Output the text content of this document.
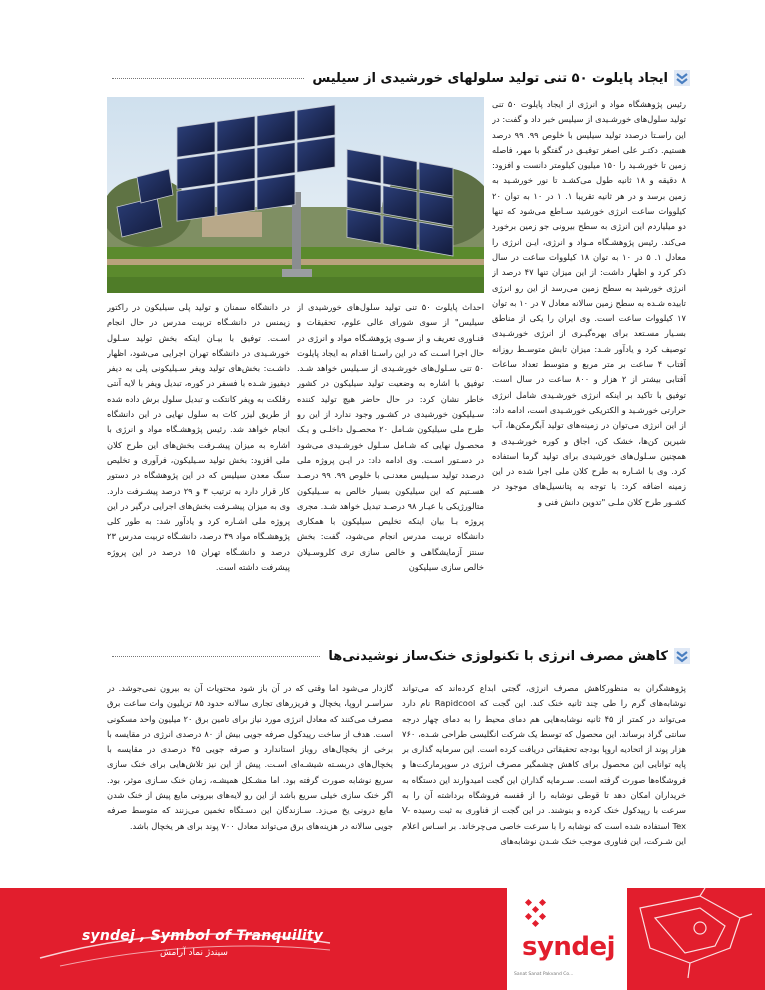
ایجاد پایلوت ۵۰ تنی تولید سلولهای خورشیدی از سیلیس

رئیس پژوهشگاه مواد و انرژی از ایجاد پایلوت ۵۰ تنی تولید سلول‌های خورشـیدی از سیلیس خبر داد و گفت: در این راسـتا درصدد تولید سیلیس با خلوص ۹۹. ۹۹ درصد هستیم. دکتـر علی اصغر توفیـق در گفتگو با مهر، فاصله زمین تا خورشـید را ۱۵۰ میلیون کیلومتر دانست و افزود: ۸ دقیقه و ۱۸ ثانیه طول می‌کشـد تا نور خورشـید به زمین برسد و در هر ثانیه تقریبا ۱. ۱ در ۱۰ به توان ۲۰ کیلووات ساعت انرژی خورشید سـاطع می‌شود که تنها دو میلیاردم این انرژی به سطح بیرونی جو زمین برخورد می‌کند. رئیس پژوهشـگاه مـواد و انرژی، ایـن انرژی را معادل ۱. ۵ در ۱۰ به توان ۱۸ کیلووات ساعت در سال ذکر کرد و اظهار داشت: از این میزان تنها ۴۷ درصد از انرژی خورشید به سطح زمین می‌رسد از این رو انرژی تابیده شـده به سطح زمین سالانه معادل ۷ در ۱۰ به توان ۱۷ کیلووات ساعت است. وی ایران را یکی از مناطق بسـیار مسـتعد برای بهره‌گیـری از انرژی خورشـیدی توصیف کرد و یادآور شـد: میزان تابش متوسـط روزانه آفتاب ۴ ساعت بر متر مربع و متوسط تعداد ساعات آفتابی بیشتر از ۲ هزار و ۸۰۰ ساعت در سال است. توفیق با تاکید بر اینکه انرژی خورشـیدی شامل انرژی حرارتی خورشـید و الکتریکی خورشـیدی است، ادامه داد: از این انرژی می‌توان در زمینه‌های تولید آبگرمکن‌ها، آب شیرین کن‌ها، خشک کن، اجاق و کوره خورشـیدی و همچنین سـلول‌های خورشیدی برای تولید گرما استفاده کرد. وی با اشـاره به طرح کلان ملی اجرا شده در این زمینه اضافه کرد: با توجه به پتانسیل‌های موجود در کشـور طرح کلان ملـی "تدوین دانش فنی و

احداث پایلوت ۵۰ تنی تولید سلول‌های خورشیدی از سیلیس" از سوی شورای عالی علوم، تحقیقات و فنـاوری تعریف و از سـوی پژوهشـگاه مواد و انرژی در حال اجرا اسـت که در این راسـتا اقدام به ایجاد پایلوت ۵۰ تنی سـلول‌های خورشـیدی از سـیلیس خواهد شـد. توفیق با اشاره به وضعیت تولید سیلیکون در کشور خاطر نشان کرد: در حال حاضر هیچ تولید کننده سـیلیکون خورشیدی در کشـور وجود ندارد از این رو طرح ملی سیلیکون شـامل ۲۰ محصـول داخلـی و یـک محصـول نهایی که شـامل سـلول خورشـیدی می‌شود در دسـتور اسـت. وی ادامه داد: در ایـن پروژه ملی درصدد تولید سـیلیس معدنـی با خلوص ۹۹. ۹۹ درصـد هسـتیم که این سیلیکون بسیار خالص به سـیلیکون متالورژیکی با عیـار ۹۸ درصـد تبدیل خواهد شـد. مجری پروژه بـا بیان اینکه تخلیص سیلیکون با همکاری دانشگاه تربیت مدرس انجام می‌شود، گفت: بخش سنتز آزمایشگاهی و خالص سازی تری کلروسـیلان خالص سازی سیلیکون

در دانشگاه سمنان و تولید پلی سیلیکون در راکتور زیمنس در دانشـگاه تربیت مدرس در حال انجام اسـت. توفیق با بیـان اینکه بخش تولید سـلول خورشـیدی در دانشگاه تهران اجرایی می‌شود، اظهار داشـت: بخش‌های تولید ویفر سـیلیکونی پلی به دیفر دیفیوز شـده با فسفر در کوره، تبدیل ویفر با لایه آنتی رفلکت به ویفر کانتکت و تبدیل سلول برش داده شده از طریق لیزر کات به سلول نهایی در این دانشگاه انجام خواهد شد. رئیس پژوهشـگاه مواد و انرژی با اشاره به میزان پیشـرفت بخش‌های این طرح کلان ملی افزود: بخش تولید سـیلیکون، فرآوری و تخلیص سنگ معدن سیلیس که در این پژوهشگاه در دستور کار قرار دارد به ترتیب ۳ و ۲۹ درصد پیشـرفت دارد. وی به میزان پیشـرفت بخش‌های اجرایی درگیر در این پروژه ملی اشـاره کرد و یادآور شد: به طور کلی پژوهشـگاه مواد ۳۹ درصد، دانشـگاه تربیت مدرس ۲۳ درصد و دانشـگاه تهران ۱۵ درصد در این پروژه پیشرفت داشته است.

کاهش مصرف انرژی با تکنولوژی خنک‌ساز نوشیدنی‌ها

پژوهشگران به منظورکاهش مصرف انرژی، گجتی ابداع کرده‌اند که می‌تواند نوشابه‌های گرم را طی چند ثانیه خنک کند. این گجت که Rapidcool نام دارد می‌تواند در کمتر از ۴۵ ثانیه نوشابه‌هایی هم دمای محیط را به دمای چهار درجه سانتی گراد برساند. این محصول که توسط یک شرکت انگلیسی طراحی شـده، ۷۶۰ هزار پوند از اتحادیه اروپا بودجه تحقیقاتی دریافت کرده است. این سرمایه گذاری بر پایه توانایی این محصول برای کاهش چشمگیر مصرف انرژی در سوپرمارکت‌ها و فروشگاه‌ها صورت گرفته است. سـرمایه گذاران این گجت امیدوارند این دستگاه به خریداران امکان دهد تا قوطی نوشابه را از قفسه فروشگاه برداشته آن را به سرعت با رپیدکول خنک کرده و بنوشند. در این گجت از فناوری به ثبت رسیده V-Tex استفاده شده است که نوشابه را با سرعت خاصی می‌چرخاند. بر اسـاس اعلام این شـرکت، این فناوری موجب خنک شـدن نوشابه‌های

گازدار می‌شود اما وقتی که در آن باز شود محتویات آن به بیرون نمی‌جوشد. در سراسـر اروپا، یخچال و فریزرهای تجاری سالانه حدود ۸۵ تریلیون وات ساعت برق مصرف می‌کنند که معادل انرژی مورد نیاز برای تامین برق ۲۰ میلیون واحد مسکونی است. هدف از ساخت رپیدکول صرفه جویی بیش از ۸۰ درصدی انرژی در مقایسه با برخی از یخچال‌های روباز استاندارد و صرفه جویی ۴۵ درصدی در مقایسه با یخچال‌های دربسـته شیشـه‌ای اسـت. پیش از این نیز تلاش‌هایی برای خنک سازی سریع نوشابه صورت گرفته بود. اما مشـکل همیشـه، زمان خنک سـازی موثر، بود. اگر خنک سازی خیلی سریع باشد از این رو لایه‌های بیرونی مایع پیش از خنک شدن مایع درونی یخ می‌زد. سـازندگان این دسـتگاه تخمین می‌زنند که متوسط صرفه جویی سالانه در هزینه‌های برق می‌تواند معادل ۷۰۰ پوند برای هر یخچال باشد.

syndej , Symbol of Tranquility
سیندژ نماد آرامش	syndej
Sanat Sanat Pakvand Co...
